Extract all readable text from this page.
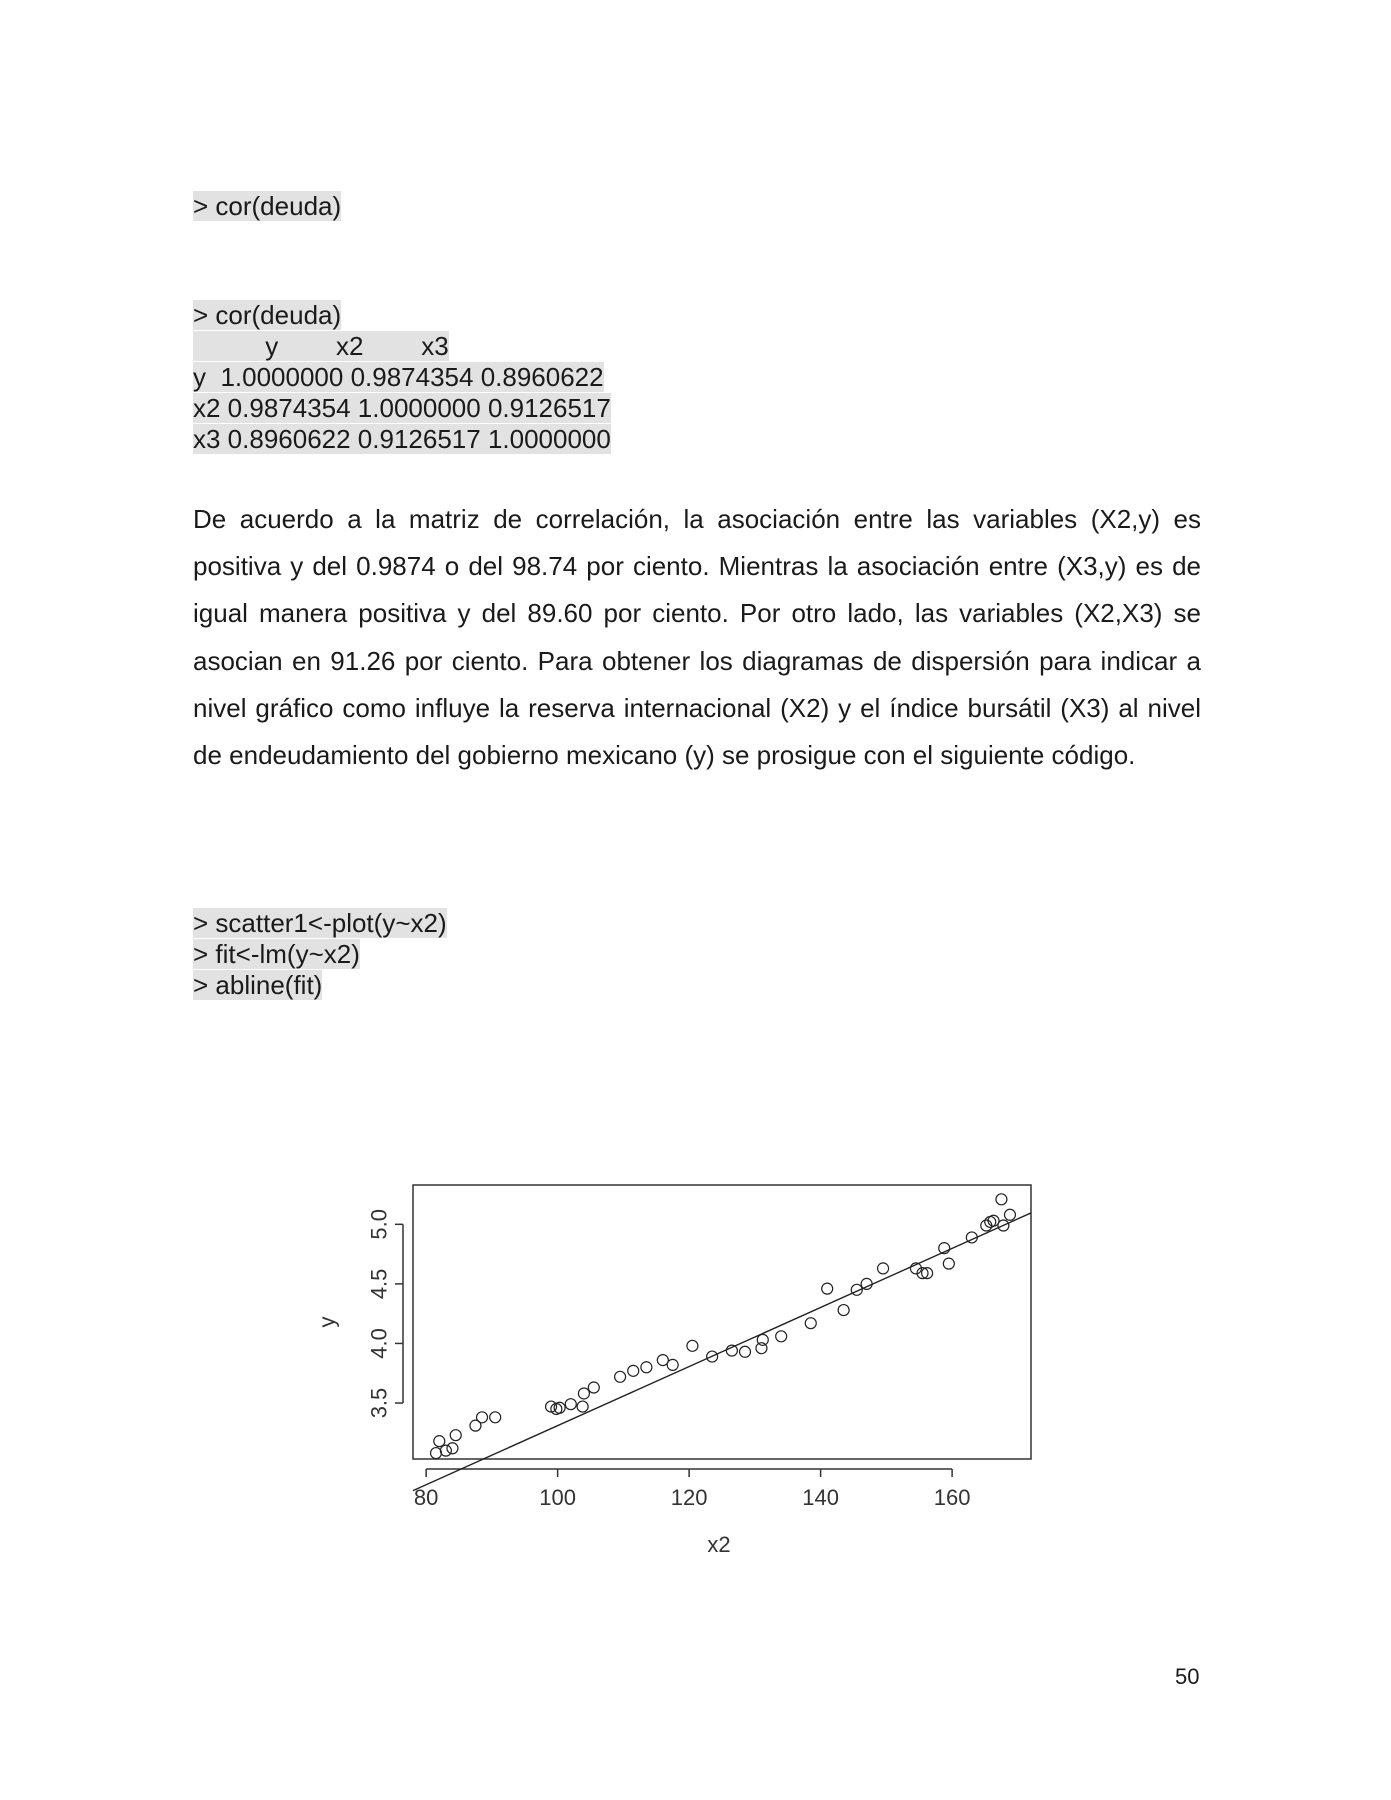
> cor(deuda)
> cor(deuda)
y        x2        x3
y  1.0000000 0.9874354 0.8960622
x2 0.9874354 1.0000000 0.9126517
x3 0.8960622 0.9126517 1.0000000

De acuerdo a la matriz de correlación, la asociación entre las variables (X2,y) es positiva y del 0.9874 o del 98.74 por ciento. Mientras la asociación entre (X3,y) es de igual manera positiva y del 89.60 por ciento. Por otro lado, las variables (X2,X3) se asocian en 91.26 por ciento. Para obtener los diagramas de dispersión para indicar a nivel gráfico como influye la reserva internacional (X2) y el índice bursátil (X3) al nivel de endeudamiento del gobierno mexicano (y) se prosigue con el siguiente código.

> scatter1<-plot(y~x2)
> fit<-lm(y~x2)
> abline(fit)
80	100	120	140	160
3.5
4.0
4.5
5.0
x2
y
50
